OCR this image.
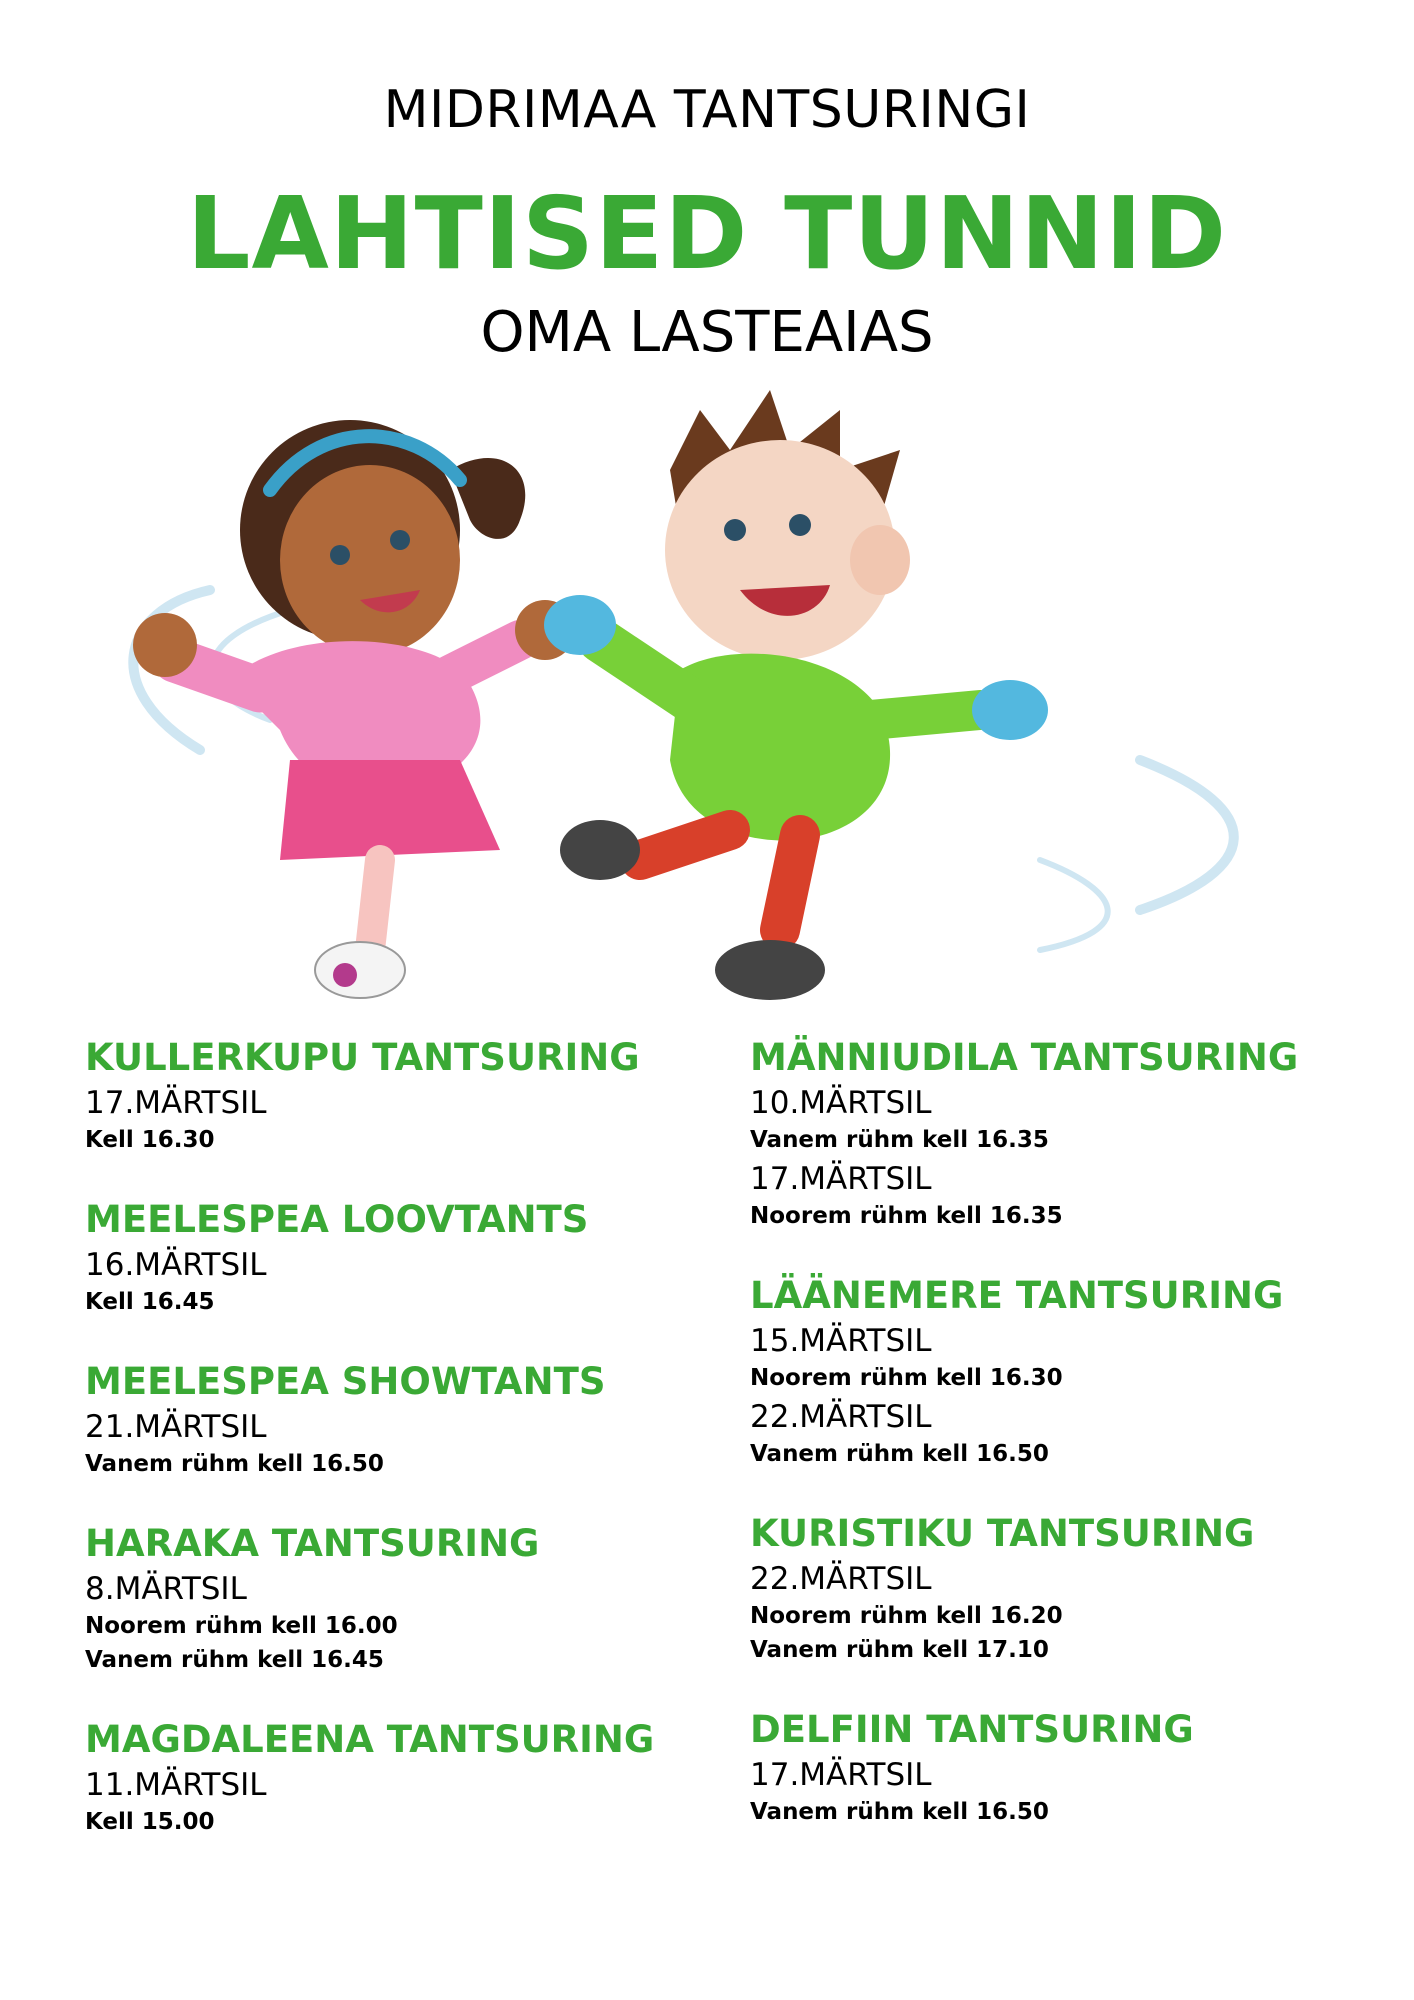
MIDRIMAA TANTSURINGI
LAHTISED TUNNID
OMA LASTEAIAS
KULLERKUPU TANTSURING
17.MÄRTSIL
Kell 16.30
MEELESPEA LOOVTANTS
16.MÄRTSIL
Kell 16.45
MEELESPEA SHOWTANTS
21.MÄRTSIL
Vanem rühm kell 16.50
HARAKA TANTSURING
8.MÄRTSIL
Noorem rühm kell 16.00
Vanem rühm kell 16.45
MAGDALEENA TANTSURING
11.MÄRTSIL
Kell 15.00
MÄNNIUDILA TANTSURING
10.MÄRTSIL
Vanem rühm kell 16.35
17.MÄRTSIL
Noorem rühm kell 16.35
LÄÄNEMERE TANTSURING
15.MÄRTSIL
Noorem rühm kell 16.30
22.MÄRTSIL
Vanem rühm kell 16.50
KURISTIKU TANTSURING
22.MÄRTSIL
Noorem rühm kell 16.20
Vanem rühm kell 17.10
DELFIIN TANTSURING
17.MÄRTSIL
Vanem rühm kell 16.50
